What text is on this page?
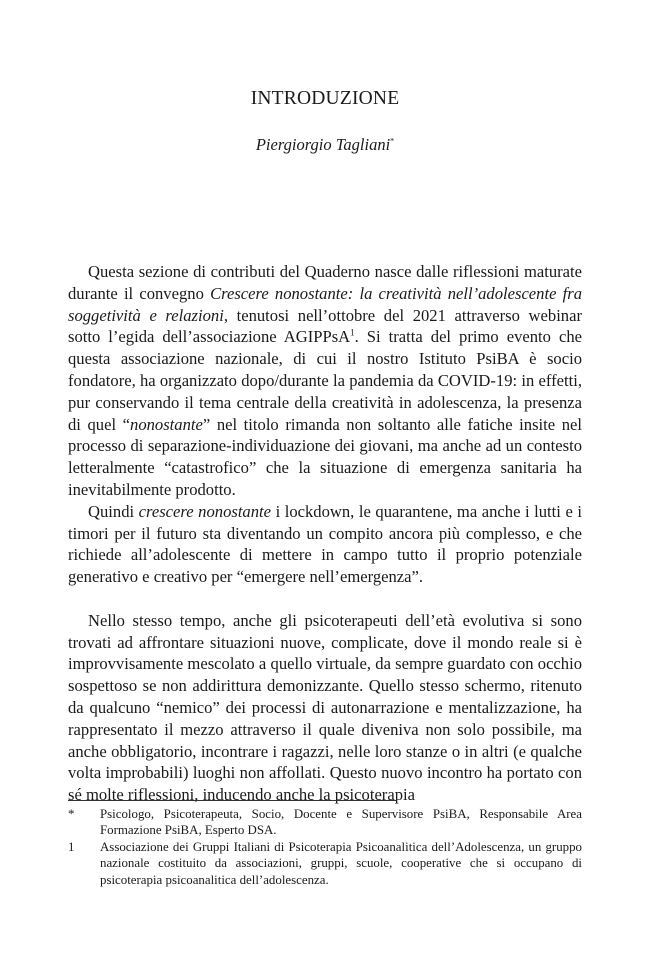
INTRODUZIONE
Piergiorgio Tagliani*

Questa sezione di contributi del Quaderno nasce dalle riflessioni maturate durante il convegno Crescere nonostante: la creatività nell’adolescente fra soggetività e relazioni, tenutosi nell’ottobre del 2021 attraverso webinar sotto l’egida dell’associazione AGIPPsA$^1$. Si tratta del primo evento che questa associazione nazionale, di cui il nostro Istituto PsiBA è socio fondatore, ha organizzato dopo/durante la pandemia da COVID-19: in effetti, pur conservando il tema centrale della creatività in adolescenza, la presenza di quel “nonostante” nel titolo rimanda non soltanto alle fatiche insite nel processo di separazione-individuazione dei giovani, ma anche ad un contesto letteralmente “catastrofico” che la situazione di emergenza sanitaria ha inevitabilmente prodotto.

Quindi crescere nonostante i lockdown, le quarantene, ma anche i lutti e i timori per il futuro sta diventando un compito ancora più complesso, e che richiede all’adolescente di mettere in campo tutto il proprio potenziale generativo e creativo per “emergere nell’emergenza”.

Nello stesso tempo, anche gli psicoterapeuti dell’età evolutiva si sono trovati ad affrontare situazioni nuove, complicate, dove il mondo reale si è improvvisamente mescolato a quello virtuale, da sempre guardato con occhio sospettoso se non addirittura demonizzante. Quello stesso schermo, ritenuto da qualcuno “nemico” dei processi di autonarrazione e mentalizzazione, ha rappresentato il mezzo attraverso il quale diveniva non solo possibile, ma anche obbligatorio, incontrare i ragazzi, nelle loro stanze o in altri (e qualche volta improbabili) luoghi non affollati. Questo nuovo incontro ha portato con sé molte riflessioni, inducendo anche la psicoterapia

* Psicologo, Psicoterapeuta, Socio, Docente e Supervisore PsiBA, Responsabile Area Formazione PsiBA, Esperto DSA.
1 Associazione dei Gruppi Italiani di Psicoterapia Psicoanalitica dell’Adolescenza, un gruppo nazionale costituito da associazioni, gruppi, scuole, cooperative che si occupano di psicoterapia psicoanalitica dell’adolescenza.
